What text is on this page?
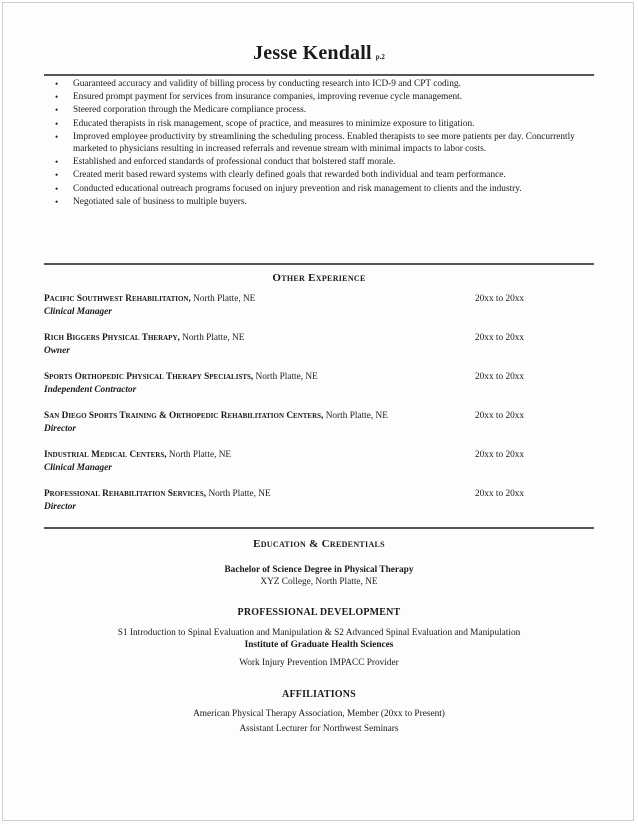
Jesse Kendall p.2
• Guaranteed accuracy and validity of billing process by conducting research into ICD-9 and CPT coding.
• Ensured prompt payment for services from insurance companies, improving revenue cycle management.
• Steered corporation through the Medicare compliance process.
• Educated therapists in risk management, scope of practice, and measures to minimize exposure to litigation.
• Improved employee productivity by streamlining the scheduling process. Enabled therapists to see more patients per day. Concurrently marketed to physicians resulting in increased referrals and revenue stream with minimal impacts to labor costs.
• Established and enforced standards of professional conduct that bolstered staff morale.
• Created merit based reward systems with clearly defined goals that rewarded both individual and team performance.
• Conducted educational outreach programs focused on injury prevention and risk management to clients and the industry.
• Negotiated sale of business to multiple buyers.
Other Experience
Pacific Southwest Rehabilitation, North Platte, NE	20xx to 20xx
Clinical Manager
Rich Biggers Physical Therapy, North Platte, NE	20xx to 20xx
Owner
Sports Orthopedic Physical Therapy Specialists, North Platte, NE	20xx to 20xx
Independent Contractor
San Diego Sports Training & Orthopedic Rehabilitation Centers, North Platte, NE	20xx to 20xx
Director
Industrial Medical Centers, North Platte, NE	20xx to 20xx
Clinical Manager
Professional Rehabilitation Services, North Platte, NE	20xx to 20xx
Director
Education & Credentials
Bachelor of Science Degree in Physical Therapy
XYZ College, North Platte, NE
PROFESSIONAL DEVELOPMENT
S1 Introduction to Spinal Evaluation and Manipulation & S2 Advanced Spinal Evaluation and Manipulation
Institute of Graduate Health Sciences
Work Injury Prevention IMPACC Provider
AFFILIATIONS
American Physical Therapy Association, Member (20xx to Present)
Assistant Lecturer for Northwest Seminars
